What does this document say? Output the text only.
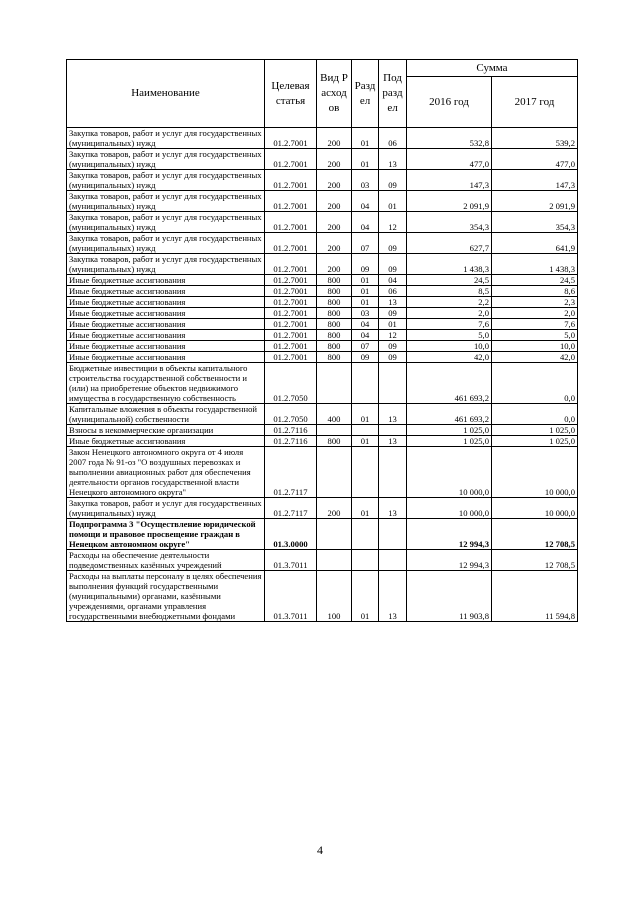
Наименование	Целевая статья	Вид Расходов	Раздел	Подраздел	Сумма	
					2016 год	2017 год
Закупка товаров, работ и услуг для государственных (муниципальных) нужд	01.2.7001	200	01	06	532,8	539,2
Закупка товаров, работ и услуг для государственных (муниципальных) нужд	01.2.7001	200	01	13	477,0	477,0
Закупка товаров, работ и услуг для государственных (муниципальных) нужд	01.2.7001	200	03	09	147,3	147,3
Закупка товаров, работ и услуг для государственных (муниципальных) нужд	01.2.7001	200	04	01	2 091,9	2 091,9
Закупка товаров, работ и услуг для государственных (муниципальных) нужд	01.2.7001	200	04	12	354,3	354,3
Закупка товаров, работ и услуг для государственных (муниципальных) нужд	01.2.7001	200	07	09	627,7	641,9
Закупка товаров, работ и услуг для государственных (муниципальных) нужд	01.2.7001	200	09	09	1 438,3	1 438,3
Иные бюджетные ассигнования	01.2.7001	800	01	04	24,5	24,5
Иные бюджетные ассигнования	01.2.7001	800	01	06	8,5	8,6
Иные бюджетные ассигнования	01.2.7001	800	01	13	2,2	2,3
Иные бюджетные ассигнования	01.2.7001	800	03	09	2,0	2,0
Иные бюджетные ассигнования	01.2.7001	800	04	01	7,6	7,6
Иные бюджетные ассигнования	01.2.7001	800	04	12	5,0	5,0
Иные бюджетные ассигнования	01.2.7001	800	07	09	10,0	10,0
Иные бюджетные ассигнования	01.2.7001	800	09	09	42,0	42,0
Бюджетные инвестиции в объекты капитального строительства государственной собственности и (или) на приобретение объектов недвижимого имущества в государственную собственность	01.2.7050				461 693,2	0,0
Капитальные вложения в объекты государственной (муниципальной) собственности	01.2.7050	400	01	13	461 693,2	0,0
Взносы в некоммерческие организации	01.2.7116				1 025,0	1 025,0
Иные бюджетные ассигнования	01.2.7116	800	01	13	1 025,0	1 025,0
Закон Ненецкого автономного округа от 4 июля 2007 года № 91-оз "О воздушных перевозках и выполнении авиационных работ для обеспечения деятельности органов государственной власти Ненецкого автономного округа"	01.2.7117				10 000,0	10 000,0
Закупка товаров, работ и услуг для государственных (муниципальных) нужд	01.2.7117	200	01	13	10 000,0	10 000,0
Подпрограмма 3 "Осуществление юридической помощи и правовое просвещение граждан в Ненецком автономном округе"	01.3.0000				12 994,3	12 708,5
Расходы на обеспечение деятельности подведомственных казённых учреждений	01.3.7011				12 994,3	12 708,5
Расходы на выплаты персоналу в целях обеспечения выполнения функций государственными (муниципальными) органами, казёнными учреждениями, органами управления государственными внебюджетными фондами	01.3.7011	100	01	13	11 903,8	11 594,8
4
